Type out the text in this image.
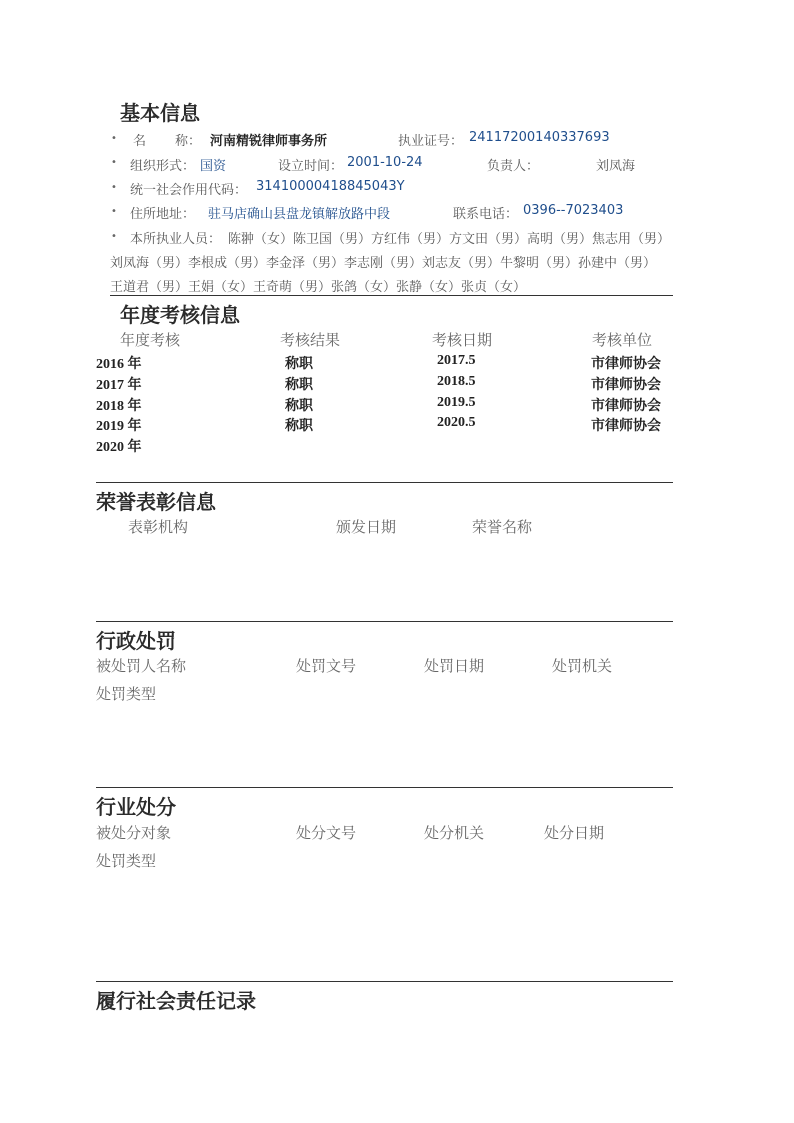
基本信息
• 名 称： 河南精锐律师事务所	执业证号： 24117200140337693
• 组织形式： 国资	设立时间： 2001-10-24	负责人：	刘凤海
• 统一社会作用代码： 31410000418845043Y
• 住所地址： 驻马店确山县盘龙镇解放路中段	联系电话： 0396--7023403
• 本所执业人员： 陈翀（女）陈卫国（男）方红伟（男）方文田（男）高明（男）焦志用（男）
刘凤海（男）李根成（男）李金泽（男）李志刚（男）刘志友（男）牛黎明（男）孙建中（男）
王道君（男）王娟（女）王奇萌（男）张鸽（女）张静（女）张贞（女）
年度考核信息
年度考核	考核结果	考核日期	考核单位
2016 年	称职	2017.5	市律师协会
2017 年	称职	2018.5	市律师协会
2018 年	称职	2019.5	市律师协会
2019 年	称职	2020.5	市律师协会
2020 年
荣誉表彰信息
表彰机构	颁发日期	荣誉名称
行政处罚
被处罚人名称	处罚文号	处罚日期	处罚机关
处罚类型
行业处分
被处分对象	处分文号	处分机关	处分日期
处罚类型
履行社会责任记录
